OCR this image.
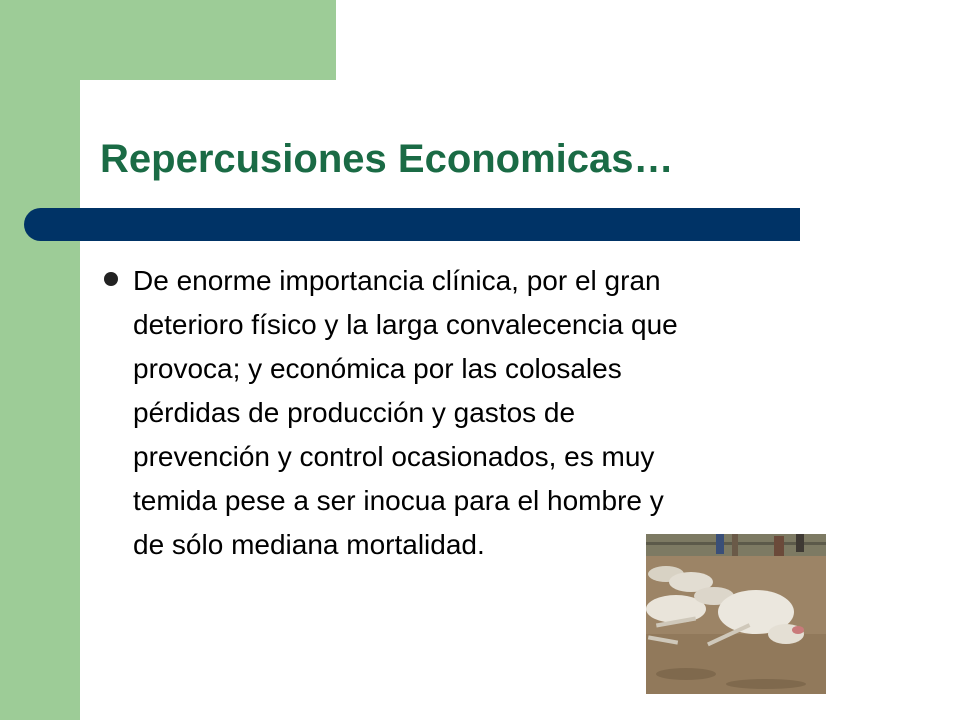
Repercusiones Economicas…

De enorme importancia clínica, por el gran
deterioro físico y la larga convalecencia que
provoca; y económica por las colosales
pérdidas de producción y gastos de
prevención y control ocasionados, es muy
temida pese a ser inocua para el hombre y
de sólo mediana mortalidad.
